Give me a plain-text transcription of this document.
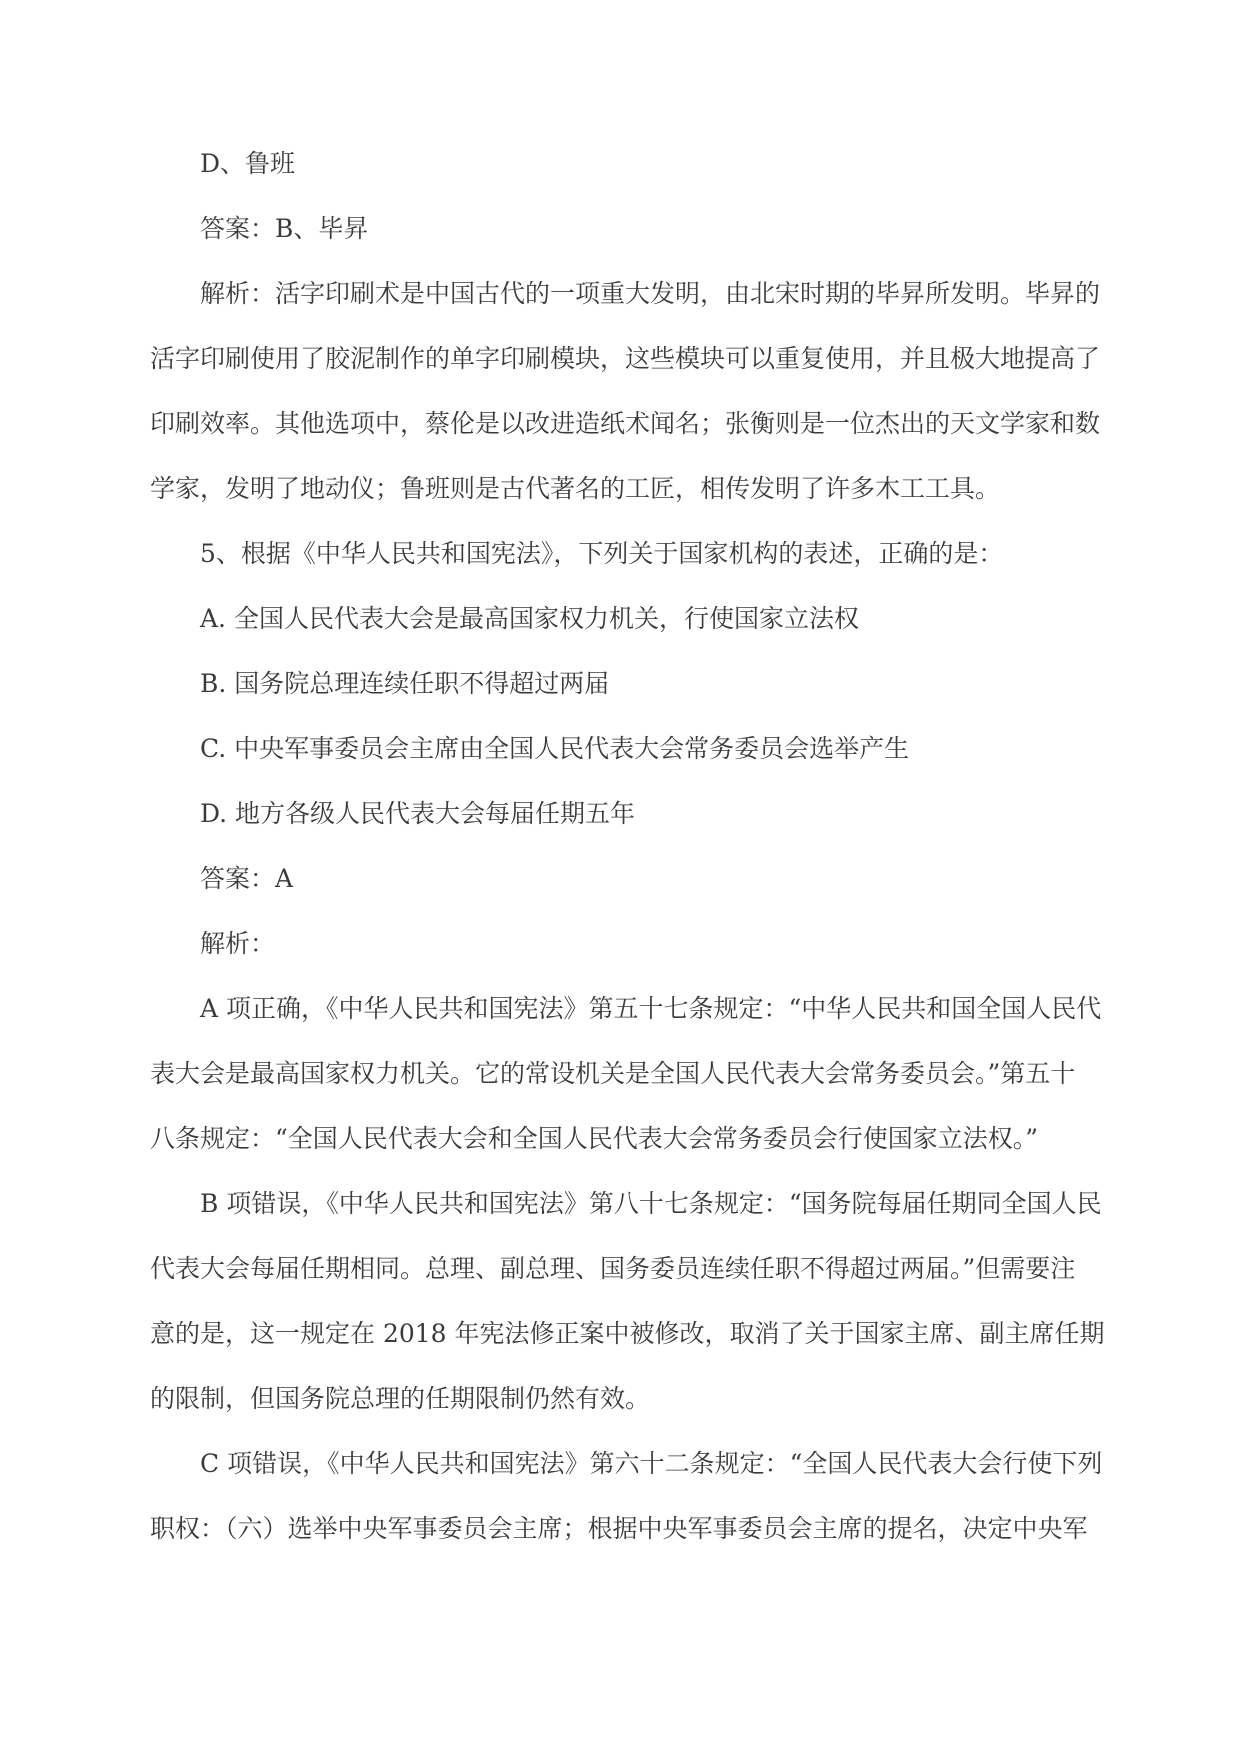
D、鲁班
答案：B、毕昇
解析：活字印刷术是中国古代的一项重大发明，由北宋时期的毕昇所发明。毕昇的
活字印刷使用了胶泥制作的单字印刷模块，这些模块可以重复使用，并且极大地提高了
印刷效率。其他选项中，蔡伦是以改进造纸术闻名；张衡则是一位杰出的天文学家和数
学家，发明了地动仪；鲁班则是古代著名的工匠，相传发明了许多木工工具。
5、根据《中华人民共和国宪法》，下列关于国家机构的表述，正确的是：
A. 全国人民代表大会是最高国家权力机关，行使国家立法权
B. 国务院总理连续任职不得超过两届
C. 中央军事委员会主席由全国人民代表大会常务委员会选举产生
D. 地方各级人民代表大会每届任期五年
答案：A
解析：
A 项正确，《中华人民共和国宪法》第五十七条规定：“中华人民共和国全国人民代
表大会是最高国家权力机关。它的常设机关是全国人民代表大会常务委员会。”第五十
八条规定：“全国人民代表大会和全国人民代表大会常务委员会行使国家立法权。”
B 项错误，《中华人民共和国宪法》第八十七条规定：“国务院每届任期同全国人民
代表大会每届任期相同。总理、副总理、国务委员连续任职不得超过两届。”但需要注
意的是，这一规定在 2018 年宪法修正案中被修改，取消了关于国家主席、副主席任期
的限制，但国务院总理的任期限制仍然有效。
C 项错误，《中华人民共和国宪法》第六十二条规定：“全国人民代表大会行使下列
职权：（六）选举中央军事委员会主席；根据中央军事委员会主席的提名，决定中央军
